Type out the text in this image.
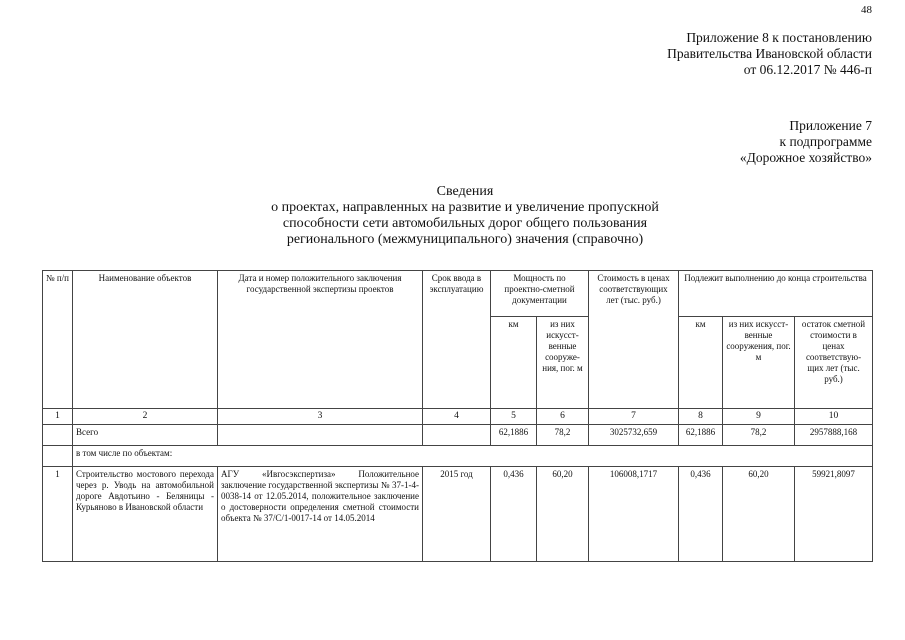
48
Приложение 8 к постановлению
Правительства Ивановской области
от 06.12.2017 № 446-п
Приложение 7
к подпрограмме
«Дорожное хозяйство»
Сведения
о проектах, направленных на развитие и увеличение пропускной
способности сети автомобильных дорог общего пользования
регионального (межмуниципального) значения (справочно)
№ п/п	Наименование объектов	Дата и номер положительного заключения государственной экспертизы проектов	Срок ввода в эксплуатацию	Мощность по проектно-сметной документации		Стоимость в ценах соответствующих лет (тыс. руб.)	Подлежит выполнению до конца строительства		
				км	из них искусст-венные сооруже-ния, пог. м		км	из них искусст-венные сооружения, пог. м	остаток сметной стоимости в ценах соответствую-щих лет (тыс. руб.)
1	2	3	4	5	6	7	8	9	10
	Всего			62,1886	78,2	3025732,659	62,1886	78,2	2957888,168
	в том числе по объектам:								
1	Строительство мостового перехода через р. Уводь на автомобильной дороге Авдотьино - Беляницы - Курьяново в Ивановской области	АГУ «Ивгосэкспертиза» Положительное заключение государственной экспертизы № 37-1-4-0038-14 от 12.05.2014, положительное заключение о достоверности определения сметной стоимости объекта № 37/С/1-0017-14 от 14.05.2014	2015 год	0,436	60,20	106008,1717	0,436	60,20	59921,8097
